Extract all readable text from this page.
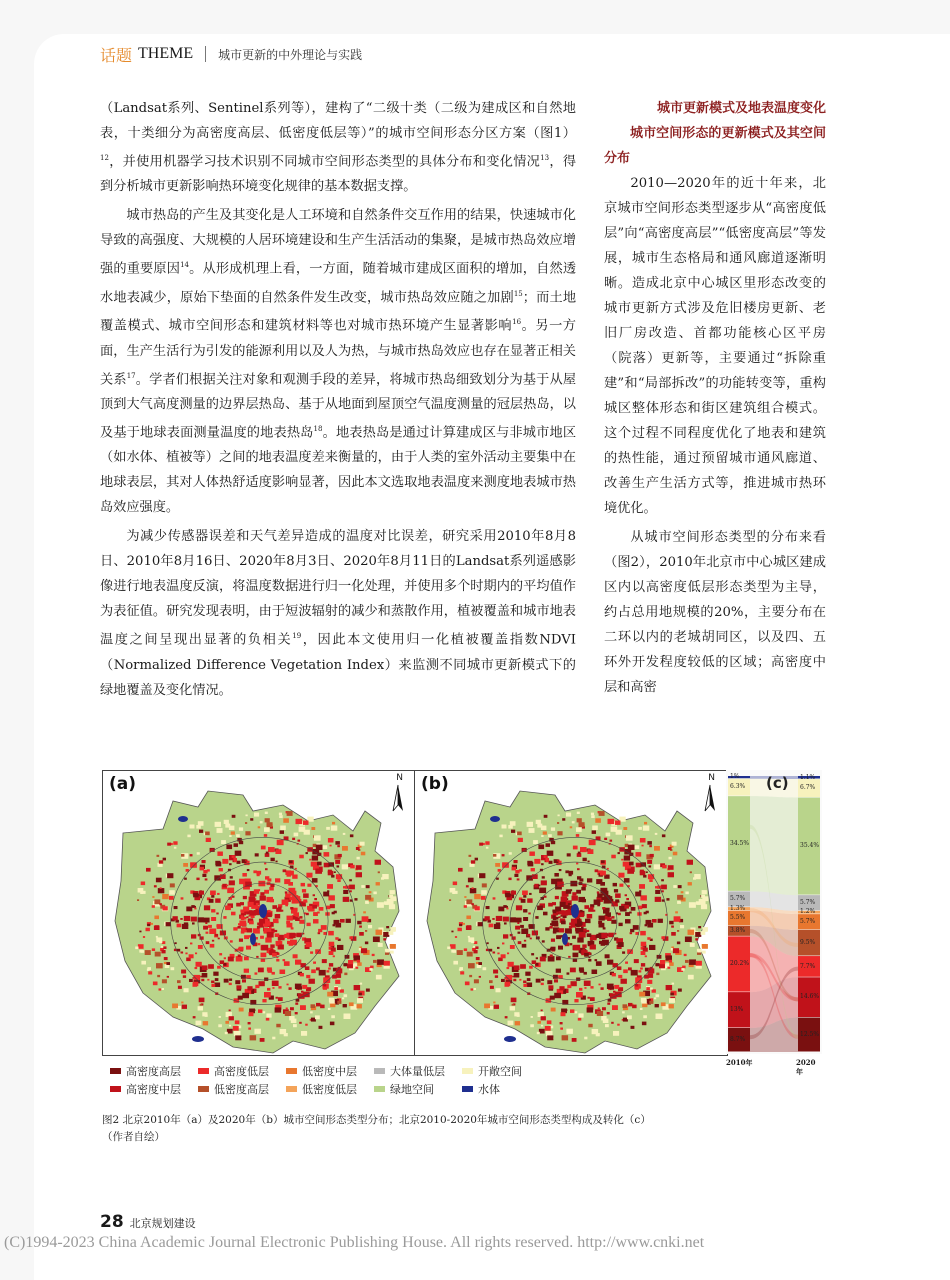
话题 THEME 城市更新的中外理论与实践

（Landsat系列、Sentinel系列等），建构了“二级十类（二级为建成区和自然地表，十类细分为高密度高层、低密度低层等）”的城市空间形态分区方案（图1）$^{12}$，并使用机器学习技术识别不同城市空间形态类型的具体分布和变化情况$^{13}$，得到分析城市更新影响热环境变化规律的基本数据支撑。

城市热岛的产生及其变化是人工环境和自然条件交互作用的结果，快速城市化导致的高强度、大规模的人居环境建设和生产生活活动的集聚，是城市热岛效应增强的重要原因$^{14}$。从形成机理上看，一方面，随着城市建成区面积的增加，自然透水地表减少，原始下垫面的自然条件发生改变，城市热岛效应随之加剧$^{15}$；而土地覆盖模式、城市空间形态和建筑材料等也对城市热环境产生显著影响$^{16}$。另一方面，生产生活行为引发的能源利用以及人为热，与城市热岛效应也存在显著正相关关系$^{17}$。学者们根据关注对象和观测手段的差异，将城市热岛细致划分为基于从屋顶到大气高度测量的边界层热岛、基于从地面到屋顶空气温度测量的冠层热岛，以及基于地球表面测量温度的地表热岛$^{18}$。地表热岛是通过计算建成区与非城市地区（如水体、植被等）之间的地表温度差来衡量的，由于人类的室外活动主要集中在地球表层，其对人体热舒适度影响显著，因此本文选取地表温度来测度地表城市热岛效应强度。

为减少传感器误差和天气差异造成的温度对比误差，研究采用2010年8月8日、2010年8月16日、2020年8月3日、2020年8月11日的Landsat系列遥感影像进行地表温度反演，将温度数据进行归一化处理，并使用多个时期内的平均值作为表征值。研究发现表明，由于短波辐射的减少和蒸散作用，植被覆盖和城市地表温度之间呈现出显著的负相关$^{19}$，因此本文使用归一化植被覆盖指数NDVI（Normalized Difference Vegetation Index）来监测不同城市更新模式下的绿地覆盖及变化情况。

城市更新模式及地表温度变化

城市空间形态的更新模式及其空间分布

2010—2020年的近十年来，北京城市空间形态类型逐步从“高密度低层”向“高密度高层”“低密度高层”等发展，城市生态格局和通风廊道逐渐明晰。造成北京中心城区里形态改变的城市更新方式涉及危旧楼房更新、老旧厂房改造、首都功能核心区平房（院落）更新等，主要通过“拆除重建”和“局部拆改”的功能转变等，重构城区整体形态和街区建筑组合模式。这个过程不同程度优化了地表和建筑的热性能，通过预留城市通风廊道、改善生产生活方式等，推进城市热环境优化。

从城市空间形态类型的分布来看（图2），2010年北京市中心城区建成区内以高密度低层形态类型为主导，约占总用地规模的20%，主要分布在二环以内的老城胡同区，以及四、五环外开发程度较低的区域；高密度中层和高密

(a)	N (b)	N	(c)
8.7%
13%
20.2%
3.8%
5.5%
1.3%
5.7%
34.5%
6.3%
1%
12.5%
14.6%
7.7%
9.5%
5.7%
1.2%
5.7%
35.4%
6.7%
1.1%
2010年	2020年
高密度高层	高密度低层	低密度中层	大体量低层	开敞空间
高密度中层	低密度高层	低密度低层	绿地空间	水体
图2 北京2010年（a）及2020年（b）城市空间形态类型分布；北京2010-2020年城市空间形态类型构成及转化（c）
（作者自绘）
28 北京规划建设
(C)1994-2023 China Academic Journal Electronic Publishing House. All rights reserved. http://www.cnki.net
